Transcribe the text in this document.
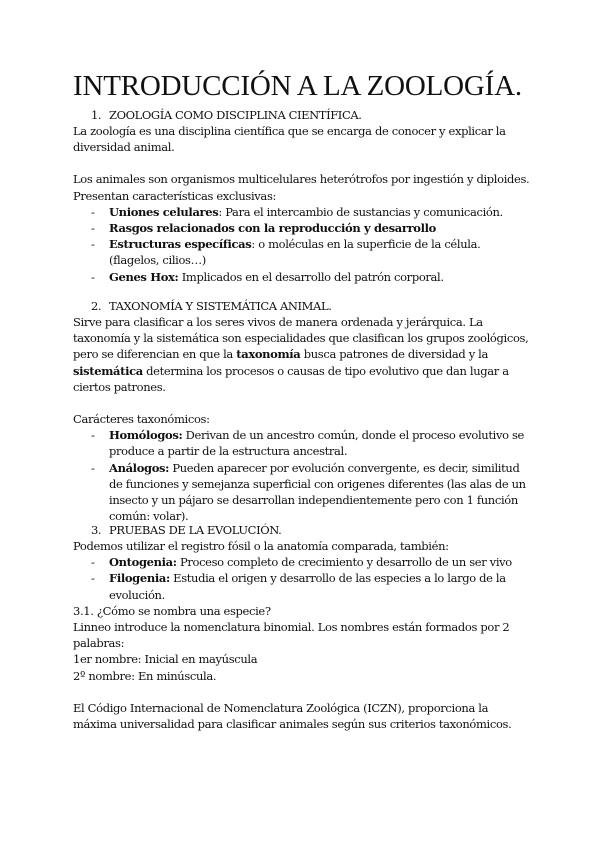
INTRODUCCIÓN A LA ZOOLOGÍA.
1. ZOOLOGÍA COMO DISCIPLINA CIENTÍFICA.

La zoología es una disciplina científica que se encarga de conocer y explicar la diversidad animal.

Los animales son organismos multicelulares heterótrofos por ingestión y diploides. Presentan características exclusivas:

- Uniones celulares: Para el intercambio de sustancias y comunicación.
- Rasgos relacionados con la reproducción y desarrollo
- Estructuras específicas: o moléculas en la superficie de la célula. (flagelos, cilios…)
- Genes Hox: Implicados en el desarrollo del patrón corporal.
2. TAXONOMÍA Y SISTEMÁTICA ANIMAL.

Sirve para clasificar a los seres vivos de manera ordenada y jerárquica. La taxonomía y la sistemática son especialidades que clasifican los grupos zoológicos, pero se diferencian en que la taxonomía busca patrones de diversidad y la sistemática determina los procesos o causas de tipo evolutivo que dan lugar a ciertos patrones.

Carácteres taxonómicos:

- Homólogos: Derivan de un ancestro común, donde el proceso evolutivo se produce a partir de la estructura ancestral.
- Análogos: Pueden aparecer por evolución convergente, es decir, similitud de funciones y semejanza superficial con origenes diferentes (las alas de un insecto y un pájaro se desarrollan independientemente pero con 1 función común: volar).
3. PRUEBAS DE LA EVOLUCIÓN.

Podemos utilizar el registro fósil o la anatomía comparada, también:

- Ontogenia: Proceso completo de crecimiento y desarrollo de un ser vivo
- Filogenia: Estudia el origen y desarrollo de las especies a lo largo de la evolución.

3.1. ¿Cómo se nombra una especie?

Linneo introduce la nomenclatura binomial. Los nombres están formados por 2 palabras:

1er nombre: Inicial en mayúscula

2º nombre: En minúscula.

El Código Internacional de Nomenclatura Zoológica (ICZN), proporciona la máxima universalidad para clasificar animales según sus criterios taxonómicos.
